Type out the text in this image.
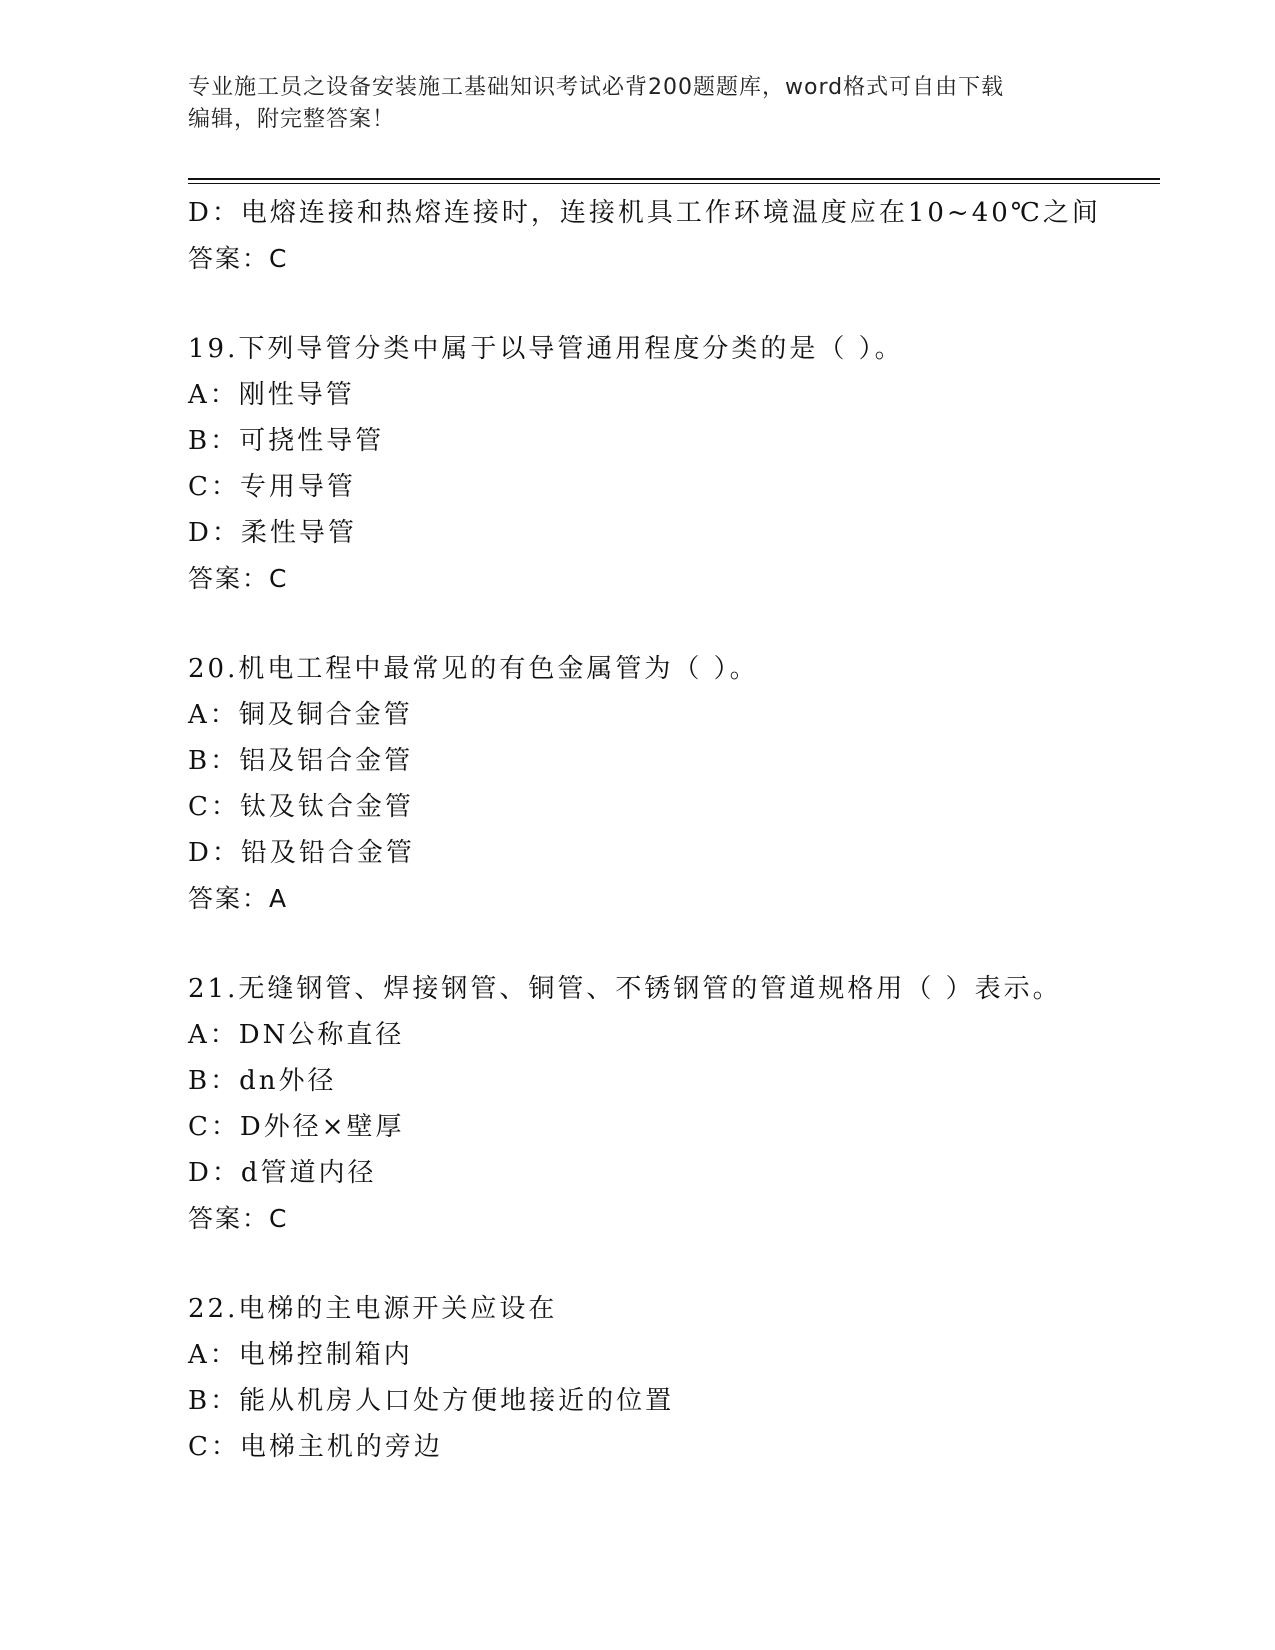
专业施工员之设备安装施工基础知识考试必背200题题库，word格式可自由下载
编辑，附完整答案！
D：电熔连接和热熔连接时，连接机具工作环境温度应在10~40℃之间
答案：C
19.下列导管分类中属于以导管通用程度分类的是（ ）。
A：刚性导管
B：可挠性导管
C：专用导管
D：柔性导管
答案：C
20.机电工程中最常见的有色金属管为（ ）。
A：铜及铜合金管
B：铝及铝合金管
C：钛及钛合金管
D：铅及铅合金管
答案：A
21.无缝钢管、焊接钢管、铜管、不锈钢管的管道规格用（ ）表示。
A：DN公称直径
B：dn外径
C：D外径×壁厚
D：d管道内径
答案：C
22.电梯的主电源开关应设在
A：电梯控制箱内
B：能从机房人口处方便地接近的位置
C：电梯主机的旁边
